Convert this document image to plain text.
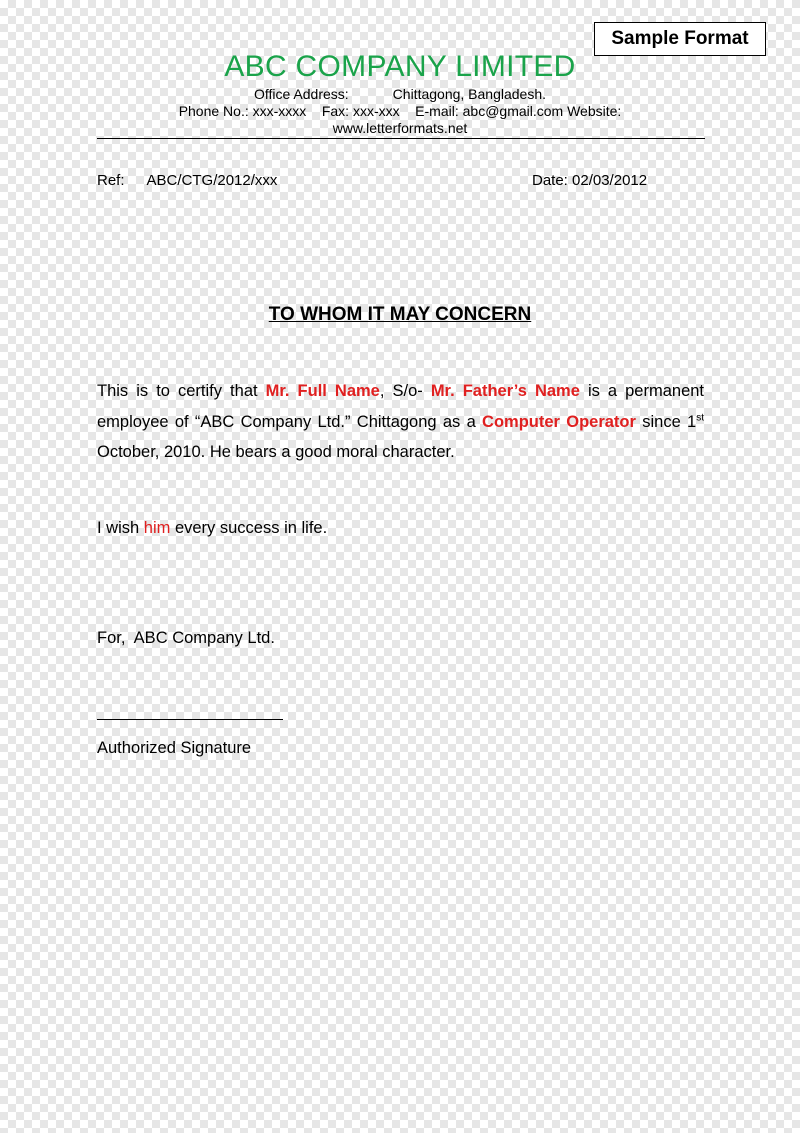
Sample Format
ABC COMPANY LIMITED
Office Address:	Chittagong, Bangladesh.
Phone No.: xxx-xxxx    Fax: xxx-xxx    E-mail: abc@gmail.com Website:
www.letterformats.net
Ref: ABC/CTG/2012/xxx	Date: 02/03/2012
TO WHOM IT MAY CONCERN
This is to certify that Mr. Full Name, S/o- Mr. Father’s Name is a permanent employee of “ABC Company Ltd.” Chittagong as a Computer Operator since 1st October, 2010. He bears a good moral character.
I wish him every success in life.
For,  ABC Company Ltd.
Authorized Signature
